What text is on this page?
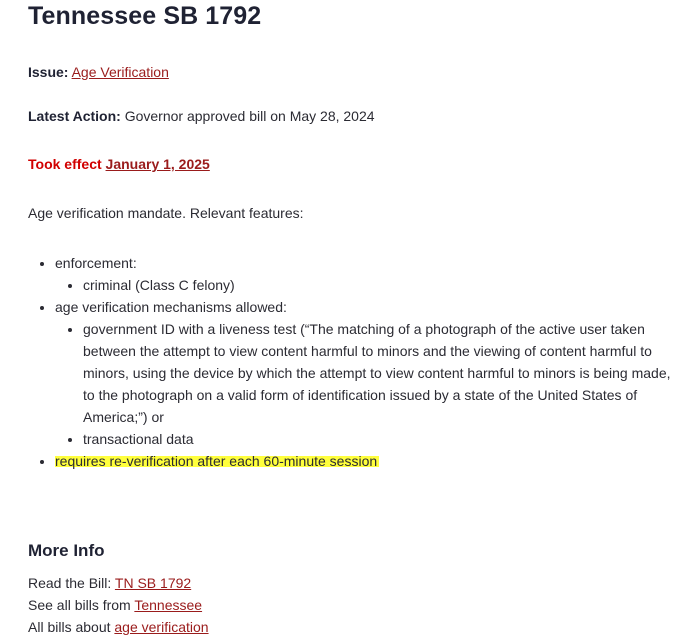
Tennessee SB 1792
Issue: Age Verification
Latest Action: Governor approved bill on May 28, 2024
Took effect January 1, 2025
Age verification mandate. Relevant features:
• enforcement:
• criminal (Class C felony)
• age verification mechanisms allowed:
• government ID with a liveness test (“The matching of a photograph of the active user taken between the attempt to view content harmful to minors and the viewing of content harmful to minors, using the device by which the attempt to view content harmful to minors is being made, to the photograph on a valid form of identification issued by a state of the United States of America;”) or
• transactional data
• requires re-verification after each 60-minute session
More Info
Read the Bill: TN SB 1792
See all bills from Tennessee
All bills about age verification
